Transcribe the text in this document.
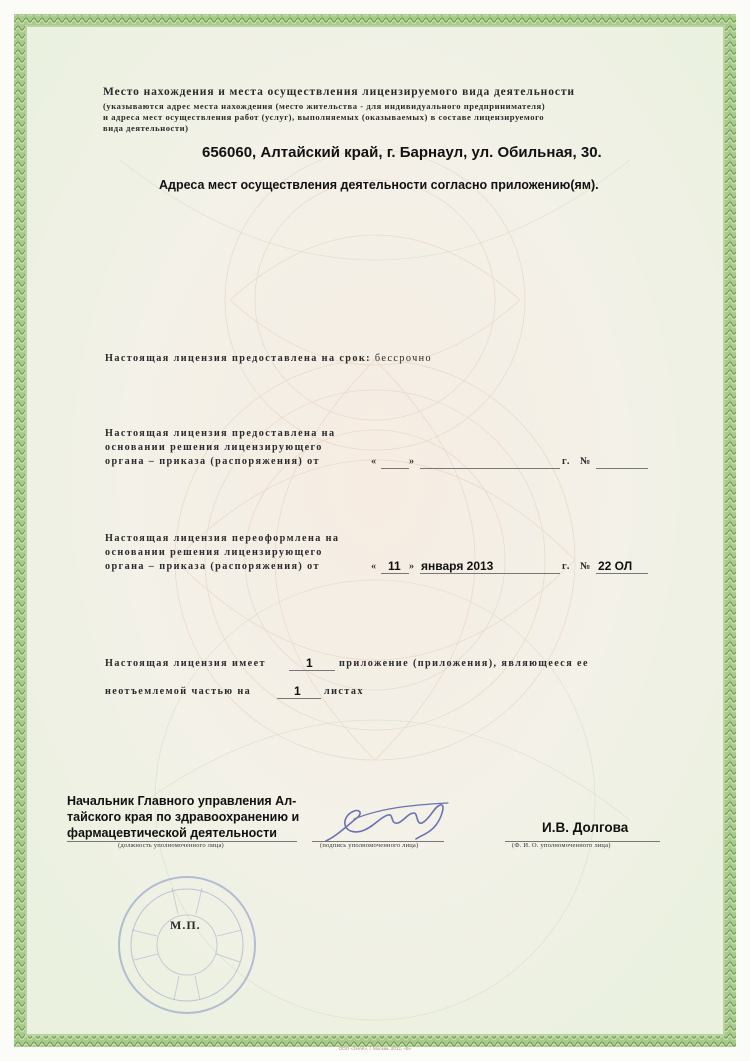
Место нахождения и места осуществления лицензируемого вида деятельности
(указываются адрес места нахождения (место жительства - для индивидуального предпринимателя)
и адреса мест осуществления работ (услуг), выполняемых (оказываемых) в составе лицензируемого
вида деятельности)
656060, Алтайский край, г. Барнаул, ул. Обильная, 30.
Адреса мест осуществления деятельности согласно приложению(ям).
Настоящая лицензия предоставлена на срок: бессрочно
Настоящая лицензия предоставлена на
основании решения лицензирующего
органа – приказа (распоряжения) от	«	»	г. №
Настоящая лицензия переоформлена на
основании решения лицензирующего
органа – приказа (распоряжения) от	« 11 » января 2013	г. № 22 ОЛ
Настоящая лицензия имеет	1	приложение (приложения), являющееся ее
неотъемлемой частью на	1 листах
Начальник Главного управления Ал-
тайского края по здравоохранению и
фармацевтической деятельности
(должность уполномоченного лица)	(подпись уполномоченного лица)
И.В. Долгова
(Ф. И. О. уполномоченного лица)
М.П.
ООО «ЗНАК», г. Москва, 2012, «Б»
